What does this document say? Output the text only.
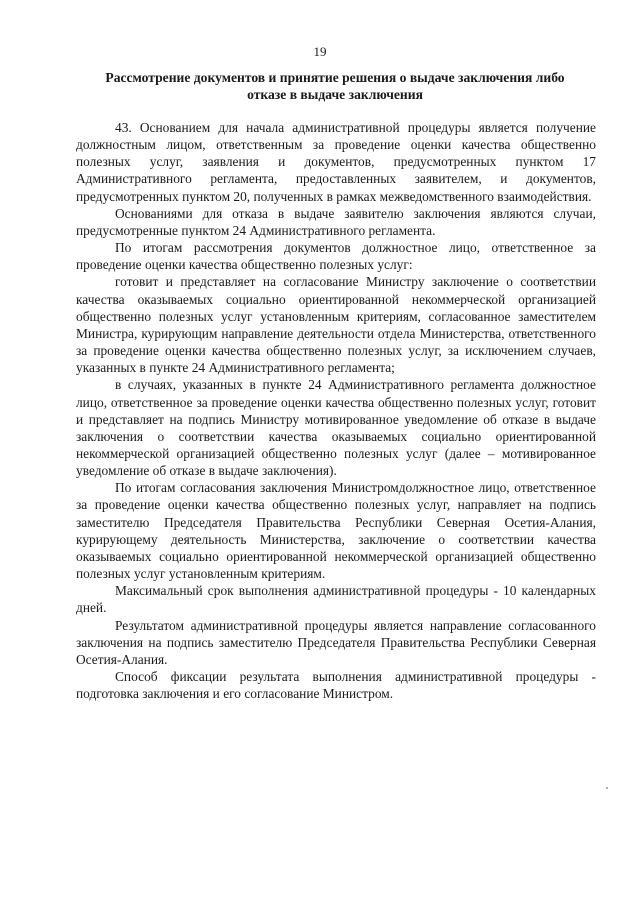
19
Рассмотрение документов и принятие решения о выдаче заключения либо
отказе в выдаче заключения

43. Основанием для начала административной процедуры является получение должностным лицом, ответственным за проведение оценки качества общественно полезных услуг, заявления и документов, предусмотренных пунктом 17 Административного регламента, предоставленных заявителем, и документов, предусмотренных пунктом 20, полученных в рамках межведомственного взаимодействия.

Основаниями для отказа в выдаче заявителю заключения являются случаи, предусмотренные пунктом 24 Административного регламента.

По итогам рассмотрения документов должностное лицо, ответственное за проведение оценки качества общественно полезных услуг:

готовит и представляет на согласование Министру заключение о соответствии качества оказываемых социально ориентированной некоммерческой организацией общественно полезных услуг установленным критериям, согласованное заместителем Министра, курирующим направление деятельности отдела Министерства, ответственного за проведение оценки качества общественно полезных услуг, за исключением случаев, указанных в пункте 24 Административного регламента;

в случаях, указанных в пункте 24 Административного регламента должностное лицо, ответственное за проведение оценки качества общественно полезных услуг, готовит и представляет на подпись Министру мотивированное уведомление об отказе в выдаче заключения о соответствии качества оказываемых социально ориентированной некоммерческой организацией общественно полезных услуг (далее – мотивированное уведомление об отказе в выдаче заключения).

По итогам согласования заключения Министромдолжностное лицо, ответственное за проведение оценки качества общественно полезных услуг, направляет на подпись заместителю Председателя Правительства Республики Северная Осетия-Алания, курирующему деятельность Министерства, заключение о соответствии качества оказываемых социально ориентированной некоммерческой организацией общественно полезных услуг установленным критериям.

Максимальный срок выполнения административной процедуры - 10 календарных дней.

Результатом административной процедуры является направление согласованного заключения на подпись заместителю Председателя Правительства Республики Северная Осетия-Алания.

Способ фиксации результата выполнения административной процедуры - подготовка заключения и его согласование Министром.
